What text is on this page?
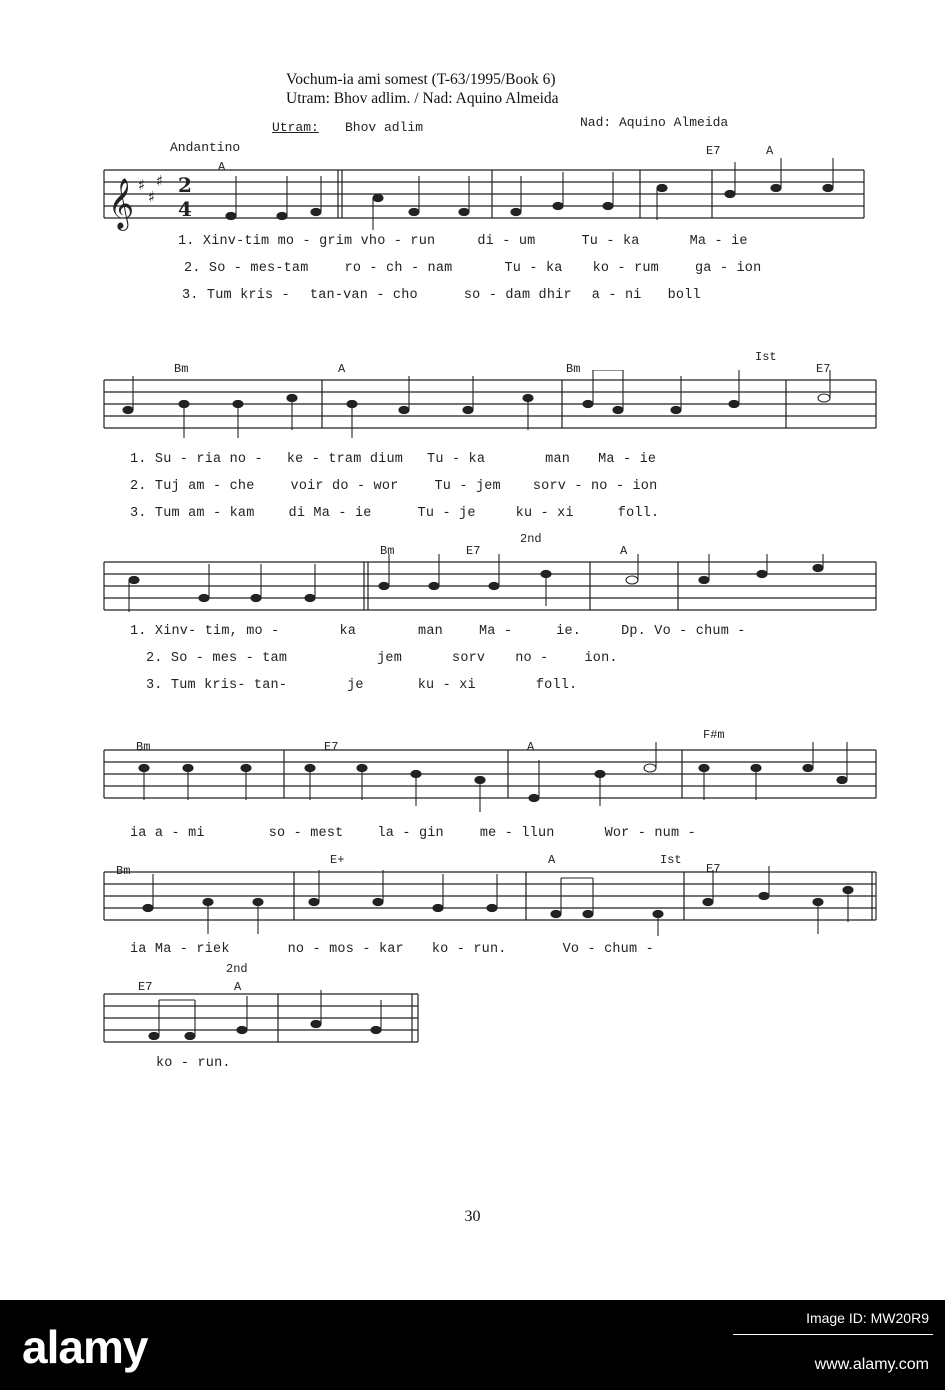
Vochum-ia ami somest (T-63/1995/Book 6)
Utram: Bhov adlim. / Nad: Aquino Almeida
Utram: Bhov adlim	Nad: Aquino Almeida
Andantino
A
E7	A
Bm	A	Bm
Ist
E7
Bm	E7
2nd
A
Bm	E7	A
F#m
Bm
E+	A	Ist
E7
2nd
E7	A
𝄞 ♯
♯
♯ 2
4
1. Xinv-tim mo - grim vho - run	di - um	Tu - ka	Ma - ie
2. So - mes-tam	ro - ch - nam	Tu - ka ko - rum	ga - ion
3. Tum kris - tan-van - cho	so - dam dhir a - ni boll
1. Su - ria no - ke - tram dium Tu - ka	man Ma - ie
2. Tuj am - che	voir do - wor	Tu - jem sorv - no - ion
3. Tum am - kam	di Ma - ie	Tu - je	ku - xi	foll.
1. Xinv- tim, mo -	ka	man	Ma -	ie.	Dp. Vo - chum -
2. So - mes - tam	jem	sorv no -	ion.
3. Tum kris- tan-	je	ku - xi	foll.
ia a - mi	so - mest	la - gin	me - llun	Wor - num -
ia Ma - riek	no - mos - kar ko - run.	Vo - chum -
ko - run.
30
alamy
Image ID: MW20R9
www.alamy.com
